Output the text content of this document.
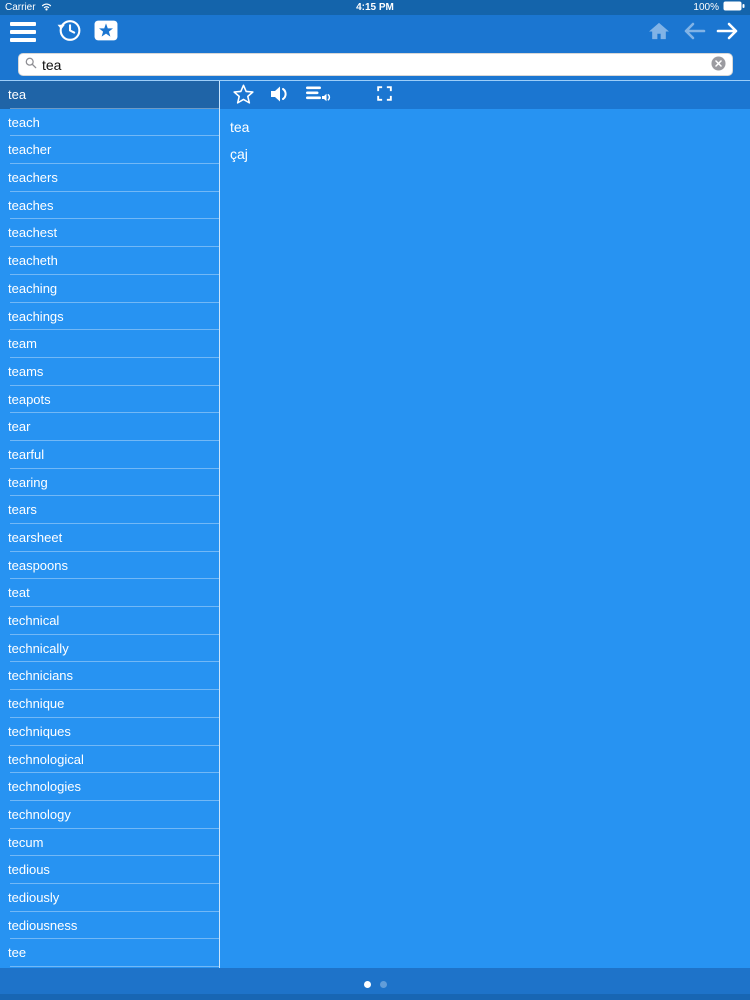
Carrier	4:15 PM	100%
tea
tea
teach
teacher
teachers
teaches
teachest
teacheth
teaching
teachings
team
teams
teapots
tear
tearful
tearing
tears
tearsheet
teaspoons
teat
technical
technically
technicians
technique
techniques
technological
technologies
technology
tecum
tedious
tediously
tediousness
tee
tea
çaj
